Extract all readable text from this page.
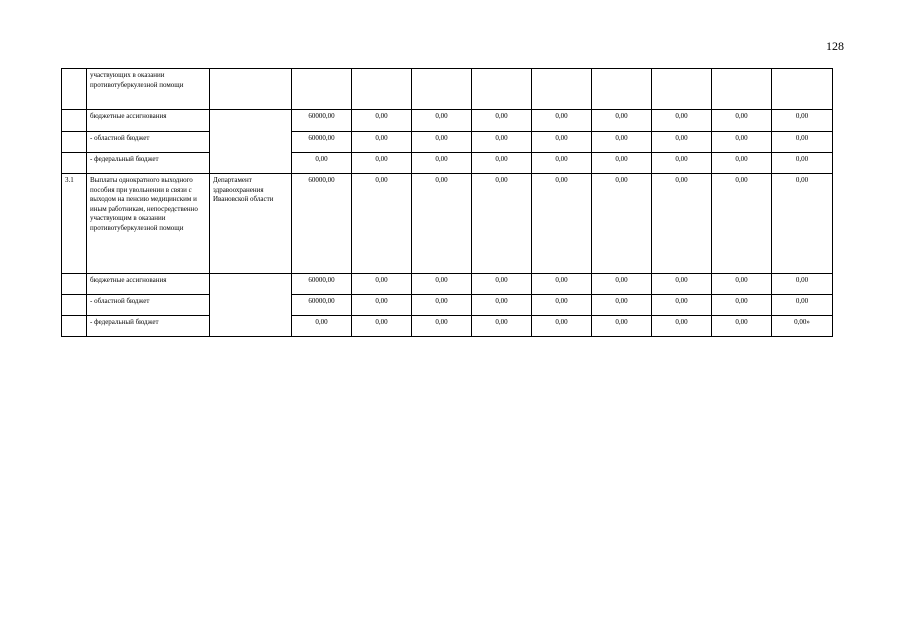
128
	участвующих в оказании противотуберкулезной помощи										
	бюджетные ассигнования		60000,00	0,00	0,00	0,00	0,00	0,00	0,00	0,00	0,00
	- областной бюджет		60000,00	0,00	0,00	0,00	0,00	0,00	0,00	0,00	0,00
	- федеральный бюджет		0,00	0,00	0,00	0,00	0,00	0,00	0,00	0,00	0,00
3.1	Выплаты однократного выходного пособия при увольнении в связи с выходом на пенсию медицинским и иным работникам, непосредственно участвующим в оказании противотуберкулезной помощи	Департамент здравоохранения Ивановской области	60000,00	0,00	0,00	0,00	0,00	0,00	0,00	0,00	0,00
	бюджетные ассигнования		60000,00	0,00	0,00	0,00	0,00	0,00	0,00	0,00	0,00
	- областной бюджет		60000,00	0,00	0,00	0,00	0,00	0,00	0,00	0,00	0,00
	- федеральный бюджет		0,00	0,00	0,00	0,00	0,00	0,00	0,00	0,00	0,00»
